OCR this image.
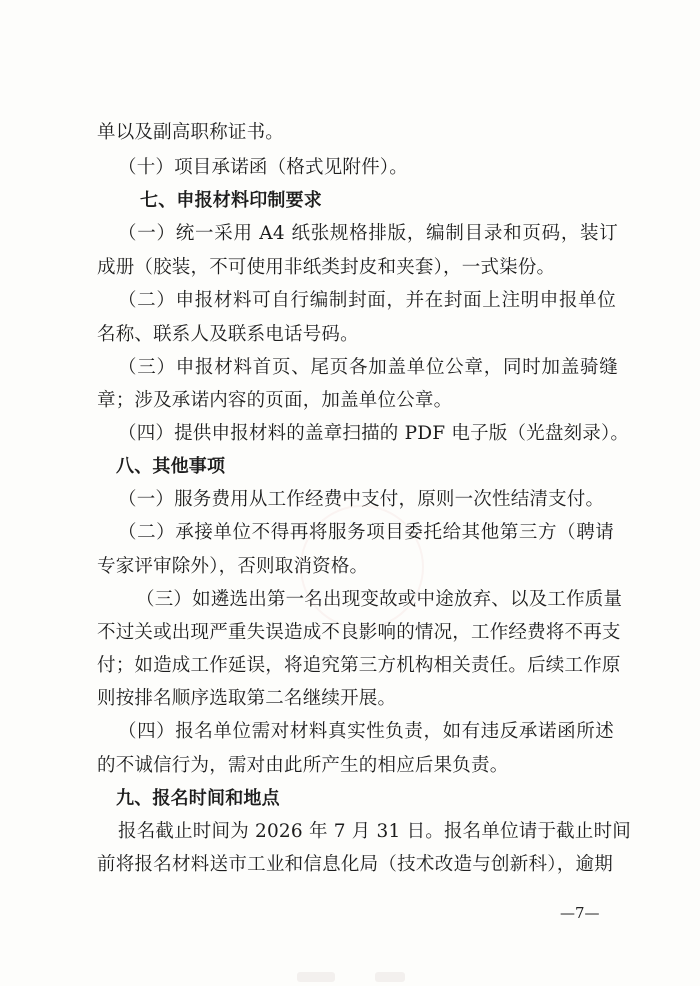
单以及副高职称证书。
（十）项目承诺函（格式见附件）。
七、申报材料印制要求
（一）统一采用 A4 纸张规格排版，编制目录和页码，装订
成册（胶装，不可使用非纸类封皮和夹套），一式柒份。
（二）申报材料可自行编制封面，并在封面上注明申报单位
名称、联系人及联系电话号码。
（三）申报材料首页、尾页各加盖单位公章，同时加盖骑缝
章；涉及承诺内容的页面，加盖单位公章。
（四）提供申报材料的盖章扫描的 PDF 电子版（光盘刻录）。
八、其他事项
（一）服务费用从工作经费中支付，原则一次性结清支付。
（二）承接单位不得再将服务项目委托给其他第三方（聘请
专家评审除外），否则取消资格。
（三）如遴选出第一名出现变故或中途放弃、以及工作质量
不过关或出现严重失误造成不良影响的情况，工作经费将不再支
付；如造成工作延误，将追究第三方机构相关责任。后续工作原
则按排名顺序选取第二名继续开展。
（四）报名单位需对材料真实性负责，如有违反承诺函所述
的不诚信行为，需对由此所产生的相应后果负责。
九、报名时间和地点
报名截止时间为 2026 年 7 月 31 日。报名单位请于截止时间
前将报名材料送市工业和信息化局（技术改造与创新科），逾期
—7—
